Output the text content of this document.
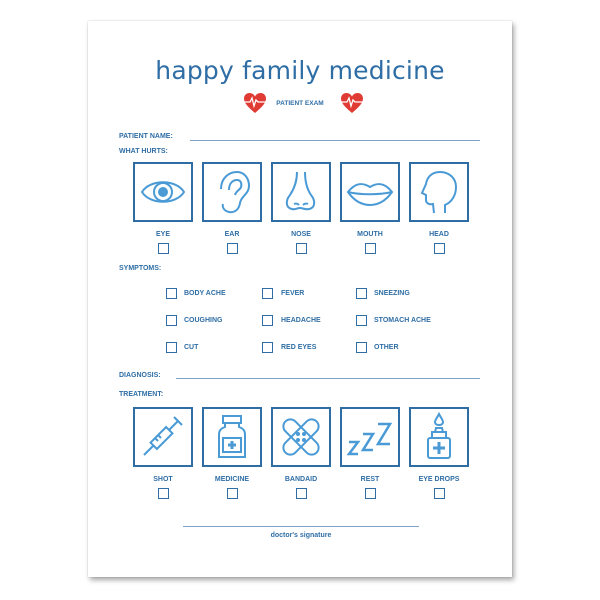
happy family medicine
PATIENT EXAM
PATIENT NAME:
WHAT HURTS:
EYE	EAR	NOSE	MOUTH	HEAD
SYMPTOMS:
BODY ACHE	FEVER	SNEEZING
COUGHING	HEADACHE	STOMACH ACHE
CUT	RED EYES	OTHER
DIAGNOSIS:
TREATMENT:
SHOT	MEDICINE	BANDAID	REST	EYE DROPS
doctor's signature
